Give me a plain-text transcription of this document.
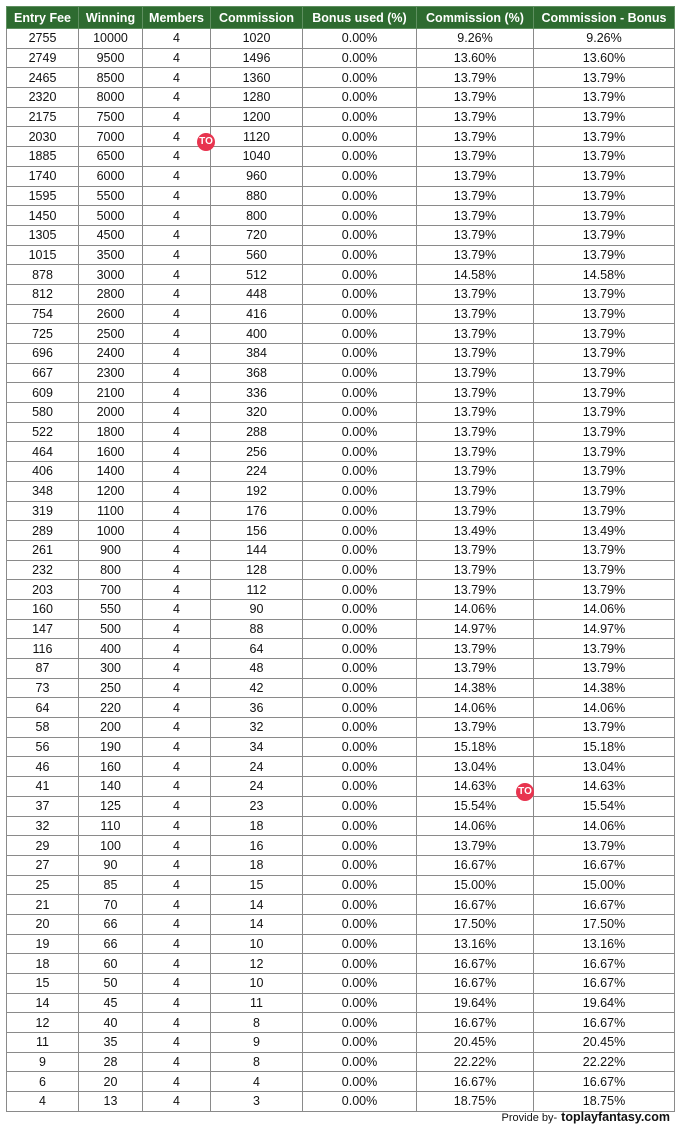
Entry Fee	Winning	Members	Commission	Bonus used (%)	Commission (%)	Commission - Bonus
2755	10000	4	1020	0.00%	9.26%	9.26%
2749	9500	4	1496	0.00%	13.60%	13.60%
2465	8500	4	1360	0.00%	13.79%	13.79%
2320	8000	4	1280	0.00%	13.79%	13.79%
2175	7500	4	1200	0.00%	13.79%	13.79%
2030	7000	4	1120	0.00%	13.79%	13.79%
1885	6500	4	1040	0.00%	13.79%	13.79%
1740	6000	4	960	0.00%	13.79%	13.79%
1595	5500	4	880	0.00%	13.79%	13.79%
1450	5000	4	800	0.00%	13.79%	13.79%
1305	4500	4	720	0.00%	13.79%	13.79%
1015	3500	4	560	0.00%	13.79%	13.79%
878	3000	4	512	0.00%	14.58%	14.58%
812	2800	4	448	0.00%	13.79%	13.79%
754	2600	4	416	0.00%	13.79%	13.79%
725	2500	4	400	0.00%	13.79%	13.79%
696	2400	4	384	0.00%	13.79%	13.79%
667	2300	4	368	0.00%	13.79%	13.79%
609	2100	4	336	0.00%	13.79%	13.79%
580	2000	4	320	0.00%	13.79%	13.79%
522	1800	4	288	0.00%	13.79%	13.79%
464	1600	4	256	0.00%	13.79%	13.79%
406	1400	4	224	0.00%	13.79%	13.79%
348	1200	4	192	0.00%	13.79%	13.79%
319	1100	4	176	0.00%	13.79%	13.79%
289	1000	4	156	0.00%	13.49%	13.49%
261	900	4	144	0.00%	13.79%	13.79%
232	800	4	128	0.00%	13.79%	13.79%
203	700	4	112	0.00%	13.79%	13.79%
160	550	4	90	0.00%	14.06%	14.06%
147	500	4	88	0.00%	14.97%	14.97%
116	400	4	64	0.00%	13.79%	13.79%
87	300	4	48	0.00%	13.79%	13.79%
73	250	4	42	0.00%	14.38%	14.38%
64	220	4	36	0.00%	14.06%	14.06%
58	200	4	32	0.00%	13.79%	13.79%
56	190	4	34	0.00%	15.18%	15.18%
46	160	4	24	0.00%	13.04%	13.04%
41	140	4	24	0.00%	14.63%	14.63%
37	125	4	23	0.00%	15.54%	15.54%
32	110	4	18	0.00%	14.06%	14.06%
29	100	4	16	0.00%	13.79%	13.79%
27	90	4	18	0.00%	16.67%	16.67%
25	85	4	15	0.00%	15.00%	15.00%
21	70	4	14	0.00%	16.67%	16.67%
20	66	4	14	0.00%	17.50%	17.50%
19	66	4	10	0.00%	13.16%	13.16%
18	60	4	12	0.00%	16.67%	16.67%
15	50	4	10	0.00%	16.67%	16.67%
14	45	4	11	0.00%	19.64%	19.64%
12	40	4	8	0.00%	16.67%	16.67%
11	35	4	9	0.00%	20.45%	20.45%
9	28	4	8	0.00%	22.22%	22.22%
6	20	4	4	0.00%	16.67%	16.67%
4	13	4	3	0.00%	18.75%	18.75%
TO
TO
Provide by- toplayfantasy.com
